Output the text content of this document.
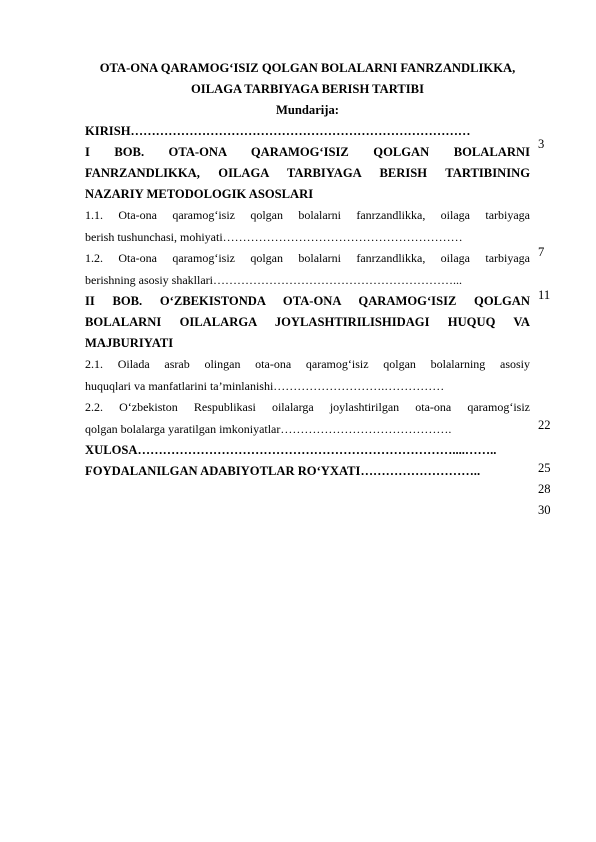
OTA-ONA QARAMOG‘ISIZ QOLGAN BOLALARNI FANRZANDLIKKA,
OILAGA TARBIYAGA BERISH TARTIBI
Mundarija:
KIRISH………………………………………………………………………
I BOB. OTA-ONA QARAMOG‘ISIZ QOLGAN BOLALARNI
FANRZANDLIKKA, OILAGA TARBIYAGA BERISH TARTIBINING
NAZARIY METODOLOGIK ASOSLARI
1.1. Ota-ona qaramog‘isiz qolgan bolalarni fanrzandlikka, oilaga tarbiyaga
berish tushunchasi, mohiyati……………………………………………………
1.2. Ota-ona qaramog‘isiz qolgan bolalarni fanrzandlikka, oilaga tarbiyaga
berishning asosiy shakllari……………………………………………………...
II BOB. O‘ZBEKISTONDA OTA-ONA QARAMOG‘ISIZ QOLGAN
BOLALARNI OILALARGA JOYLASHTIRILISHIDAGI HUQUQ VA
MAJBURIYATI
2.1. Oilada asrab olingan ota-ona qaramog‘isiz qolgan bolalarning asosiy
huquqlari va manfatlarini ta’minlanishi……………………….……………
2.2. O‘zbekiston Respublikasi oilalarga joylashtirilgan ota-ona qaramog‘isiz
qolgan bolalarga yaratilgan imkoniyatlar…………………………………….
XULOSA…………………………………………………………………....……..
FOYDALANILGAN ADABIYOTLAR RO‘YXATI………………………..
3
7
11
22
25
28
30
